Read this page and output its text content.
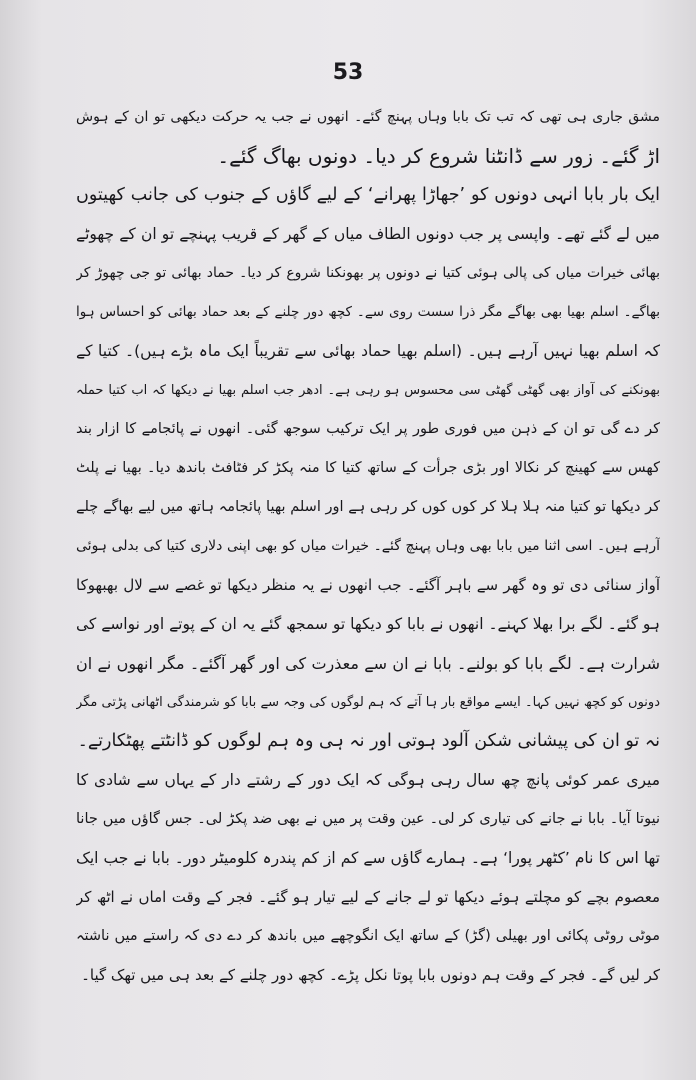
53
مشق جاری ہی تھی کہ تب تک بابا وہاں پہنچ گئے۔ انھوں نے جب یہ حرکت دیکھی تو ان کے ہوش
اڑ گئے۔ زور سے ڈانٹنا شروع کر دیا۔ دونوں بھاگ گئے۔
ایک بار بابا انہی دونوں کو ’جھاڑا پھرانے‘ کے لیے گاؤں کے جنوب کی جانب کھیتوں
میں لے گئے تھے۔ واپسی پر جب دونوں الطاف میاں کے گھر کے قریب پہنچے تو ان کے چھوٹے
بھائی خیرات میاں کی پالی ہوئی کتیا نے دونوں پر بھونکنا شروع کر دیا۔ حماد بھائی تو جی چھوڑ کر
بھاگے۔ اسلم بھیا بھی بھاگے مگر ذرا سست روی سے۔ کچھ دور چلنے کے بعد حماد بھائی کو احساس ہوا
کہ اسلم بھیا نہیں آرہے ہیں۔ (اسلم بھیا حماد بھائی سے تقریباً ایک ماہ بڑے ہیں)۔ کتیا کے
بھونکنے کی آواز بھی گھٹی گھٹی سی محسوس ہو رہی ہے۔ ادھر جب اسلم بھیا نے دیکھا کہ اب کتیا حملہ
کر دے گی تو ان کے ذہن میں فوری طور پر ایک ترکیب سوجھ گئی۔ انھوں نے پائجامے کا ازار بند
کھس سے کھینچ کر نکالا اور بڑی جرأت کے ساتھ کتیا کا منہ پکڑ کر فٹافٹ باندھ دیا۔ بھیا نے پلٹ
کر دیکھا تو کتیا منہ ہلا ہلا کر کوں کوں کر رہی ہے اور اسلم بھیا پائجامہ ہاتھ میں لیے بھاگے چلے
آرہے ہیں۔ اسی اثنا میں بابا بھی وہاں پہنچ گئے۔ خیرات میاں کو بھی اپنی دلاری کتیا کی بدلی ہوئی
آواز سنائی دی تو وہ گھر سے باہر آگئے۔ جب انھوں نے یہ منظر دیکھا تو غصے سے لال بھبھوکا
ہو گئے۔ لگے برا بھلا کہنے۔ انھوں نے بابا کو دیکھا تو سمجھ گئے یہ ان کے پوتے اور نواسے کی
شرارت ہے۔ لگے بابا کو بولنے۔ بابا نے ان سے معذرت کی اور گھر آگئے۔ مگر انھوں نے ان
دونوں کو کچھ نہیں کہا۔ ایسے مواقع بار ہا آتے کہ ہم لوگوں کی وجہ سے بابا کو شرمندگی اٹھانی پڑتی مگر
نہ تو ان کی پیشانی شکن آلود ہوتی اور نہ ہی وہ ہم لوگوں کو ڈانٹتے پھٹکارتے۔
میری عمر کوئی پانچ چھ سال رہی ہوگی کہ ایک دور کے رشتے دار کے یہاں سے شادی کا
نیوتا آیا۔ بابا نے جانے کی تیاری کر لی۔ عین وقت پر میں نے بھی ضد پکڑ لی۔ جس گاؤں میں جانا
تھا اس کا نام ’کٹھر پورا‘ ہے۔ ہمارے گاؤں سے کم از کم پندرہ کلومیٹر دور۔ بابا نے جب ایک
معصوم بچے کو مچلتے ہوئے دیکھا تو لے جانے کے لیے تیار ہو گئے۔ فجر کے وقت اماں نے اٹھ کر
موٹی روٹی پکائی اور بھیلی (گڑ) کے ساتھ ایک انگوچھے میں باندھ کر دے دی کہ راستے میں ناشتہ
کر لیں گے۔ فجر کے وقت ہم دونوں بابا پوتا نکل پڑے۔ کچھ دور چلنے کے بعد ہی میں تھک گیا۔
